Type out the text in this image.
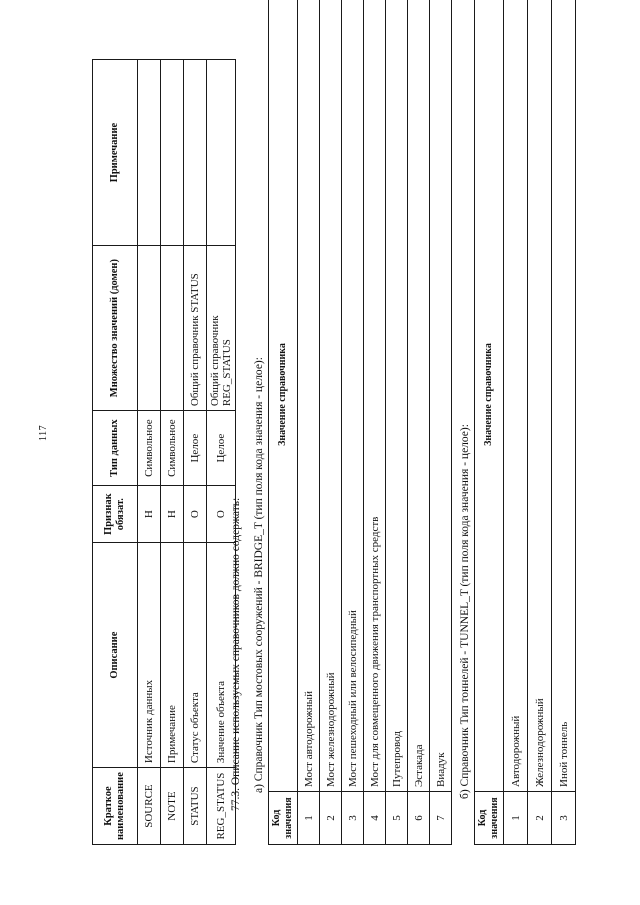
117
Краткое наименование	Описание	Признак обязат.	Тип данных	Множество значений (домен)	Примечание
SOURCE	Источник данных	Н	Символьное		
NOTE	Примечание	Н	Символьное		
STATUS	Статус объекта	О	Целое	Общий справочник STATUS	
REG_STATUS	Значение объекта	О	Целое	Общий справочник REG_STATUS	
77.3. Описание используемых справочников должно содержать: а) Справочник Тип мостовых сооружений - BRIDGE_T (тип поля кода значения - целое):
Код значения	Значение справочника
1	Мост автодорожный
2	Мост железнодорожный
3	Мост пешеходный или велосипедный
4	Мост для совмещенного движения транспортных средств
5	Путепровод
6	Эстакада
7	Виадук б) Справочник Тип тоннелей - TUNNEL_T (тип поля кода значения - целое):
Код значения	Значение справочника
1	Автодорожный
2	Железнодорожный
3	Иной тоннель
